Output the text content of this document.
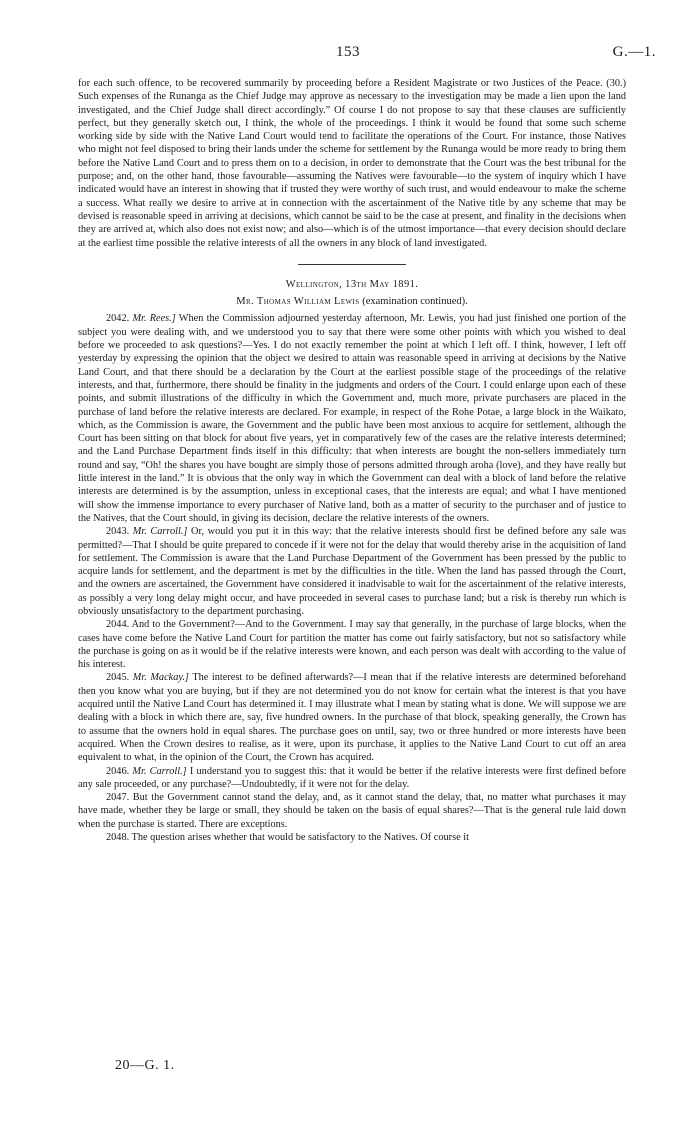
153	G.—1.

for each such offence, to be recovered summarily by proceeding before a Resident Magistrate or two Justices of the Peace. (30.) Such expenses of the Runanga as the Chief Judge may approve as necessary to the investigation may be made a lien upon the land investigated, and the Chief Judge shall direct accordingly.” Of course I do not propose to say that these clauses are sufficiently perfect, but they generally sketch out, I think, the whole of the proceedings. I think it would be found that some such scheme working side by side with the Native Land Court would tend to facilitate the operations of the Court. For instance, those Natives who might not feel disposed to bring their lands under the scheme for settlement by the Runanga would be more ready to bring them before the Native Land Court and to press them on to a decision, in order to demonstrate that the Court was the best tribunal for the purpose; and, on the other hand, those favourable—assuming the Natives were favourable—to the system of inquiry which I have indicated would have an interest in showing that if trusted they were worthy of such trust, and would endeavour to make the scheme a success. What really we desire to arrive at in connection with the ascertainment of the Native title by any scheme that may be devised is reasonable speed in arriving at decisions, which cannot be said to be the case at present, and finality in the decisions when they are arrived at, which also does not exist now; and also—which is of the utmost importance—that every decision should declare at the earliest time possible the relative interests of all the owners in any block of land investigated.

Wellington, 13th May 1891.
Mr. Thomas William Lewis (examination continued).

2042. Mr. Rees.] When the Commission adjourned yesterday afternoon, Mr. Lewis, you had just finished one portion of the subject you were dealing with, and we understood you to say that there were some other points with which you wished to deal before we proceeded to ask questions?—Yes. I do not exactly remember the point at which I left off. I think, however, I left off yesterday by expressing the opinion that the object we desired to attain was reasonable speed in arriving at decisions by the Native Land Court, and that there should be a declaration by the Court at the earliest possible stage of the proceedings of the relative interests, and that, furthermore, there should be finality in the judgments and orders of the Court. I could enlarge upon each of these points, and submit illustrations of the difficulty in which the Government and, much more, private purchasers are placed in the purchase of land before the relative interests are declared. For example, in respect of the Rohe Potae, a large block in the Waikato, which, as the Commission is aware, the Government and the public have been most anxious to acquire for settlement, although the Court has been sitting on that block for about five years, yet in comparatively few of the cases are the relative interests determined; and the Land Purchase Department finds itself in this difficulty: that when interests are bought the non-sellers immediately turn round and say, “Oh! the shares you have bought are simply those of persons admitted through aroha (love), and they have really but little interest in the land.” It is obvious that the only way in which the Government can deal with a block of land before the relative interests are determined is by the assumption, unless in exceptional cases, that the interests are equal; and what I have mentioned will show the immense importance to every purchaser of Native land, both as a matter of security to the purchaser and of justice to the Natives, that the Court should, in giving its decision, declare the relative interests of the owners.

2043. Mr. Carroll.] Or, would you put it in this way: that the relative interests should first be defined before any sale was permitted?—That I should be quite prepared to concede if it were not for the delay that would thereby arise in the acquisition of land for settlement. The Commission is aware that the Land Purchase Department of the Government has been pressed by the public to acquire lands for settlement, and the department is met by the difficulties in the title. When the land has passed through the Court, and the owners are ascertained, the Government have considered it inadvisable to wait for the ascertainment of the relative interests, as possibly a very long delay might occur, and have proceeded in several cases to purchase land; but a risk is thereby run which is obviously unsatisfactory to the department purchasing.

2044. And to the Government?—And to the Government. I may say that generally, in the purchase of large blocks, when the cases have come before the Native Land Court for partition the matter has come out fairly satisfactory, but not so satisfactory while the purchase is going on as it would be if the relative interests were known, and each person was dealt with according to the value of his interest.

2045. Mr. Mackay.] The interest to be defined afterwards?—I mean that if the relative interests are determined beforehand then you know what you are buying, but if they are not determined you do not know for certain what the interest is that you have acquired until the Native Land Court has determined it. I may illustrate what I mean by stating what is done. We will suppose we are dealing with a block in which there are, say, five hundred owners. In the purchase of that block, speaking generally, the Crown has to assume that the owners hold in equal shares. The purchase goes on until, say, two or three hundred or more interests have been acquired. When the Crown desires to realise, as it were, upon its purchase, it applies to the Native Land Court to cut off an area equivalent to what, in the opinion of the Court, the Crown has acquired.

2046. Mr. Carroll.] I understand you to suggest this: that it would be better if the relative interests were first defined before any sale proceeded, or any purchase?—Undoubtedly, if it were not for the delay.

2047. But the Government cannot stand the delay, and, as it cannot stand the delay, that, no matter what purchases it may have made, whether they be large or small, they should be taken on the basis of equal shares?—That is the general rule laid down when the purchase is started. There are exceptions.

2048. The question arises whether that would be satisfactory to the Natives. Of course it

20—G. 1.
